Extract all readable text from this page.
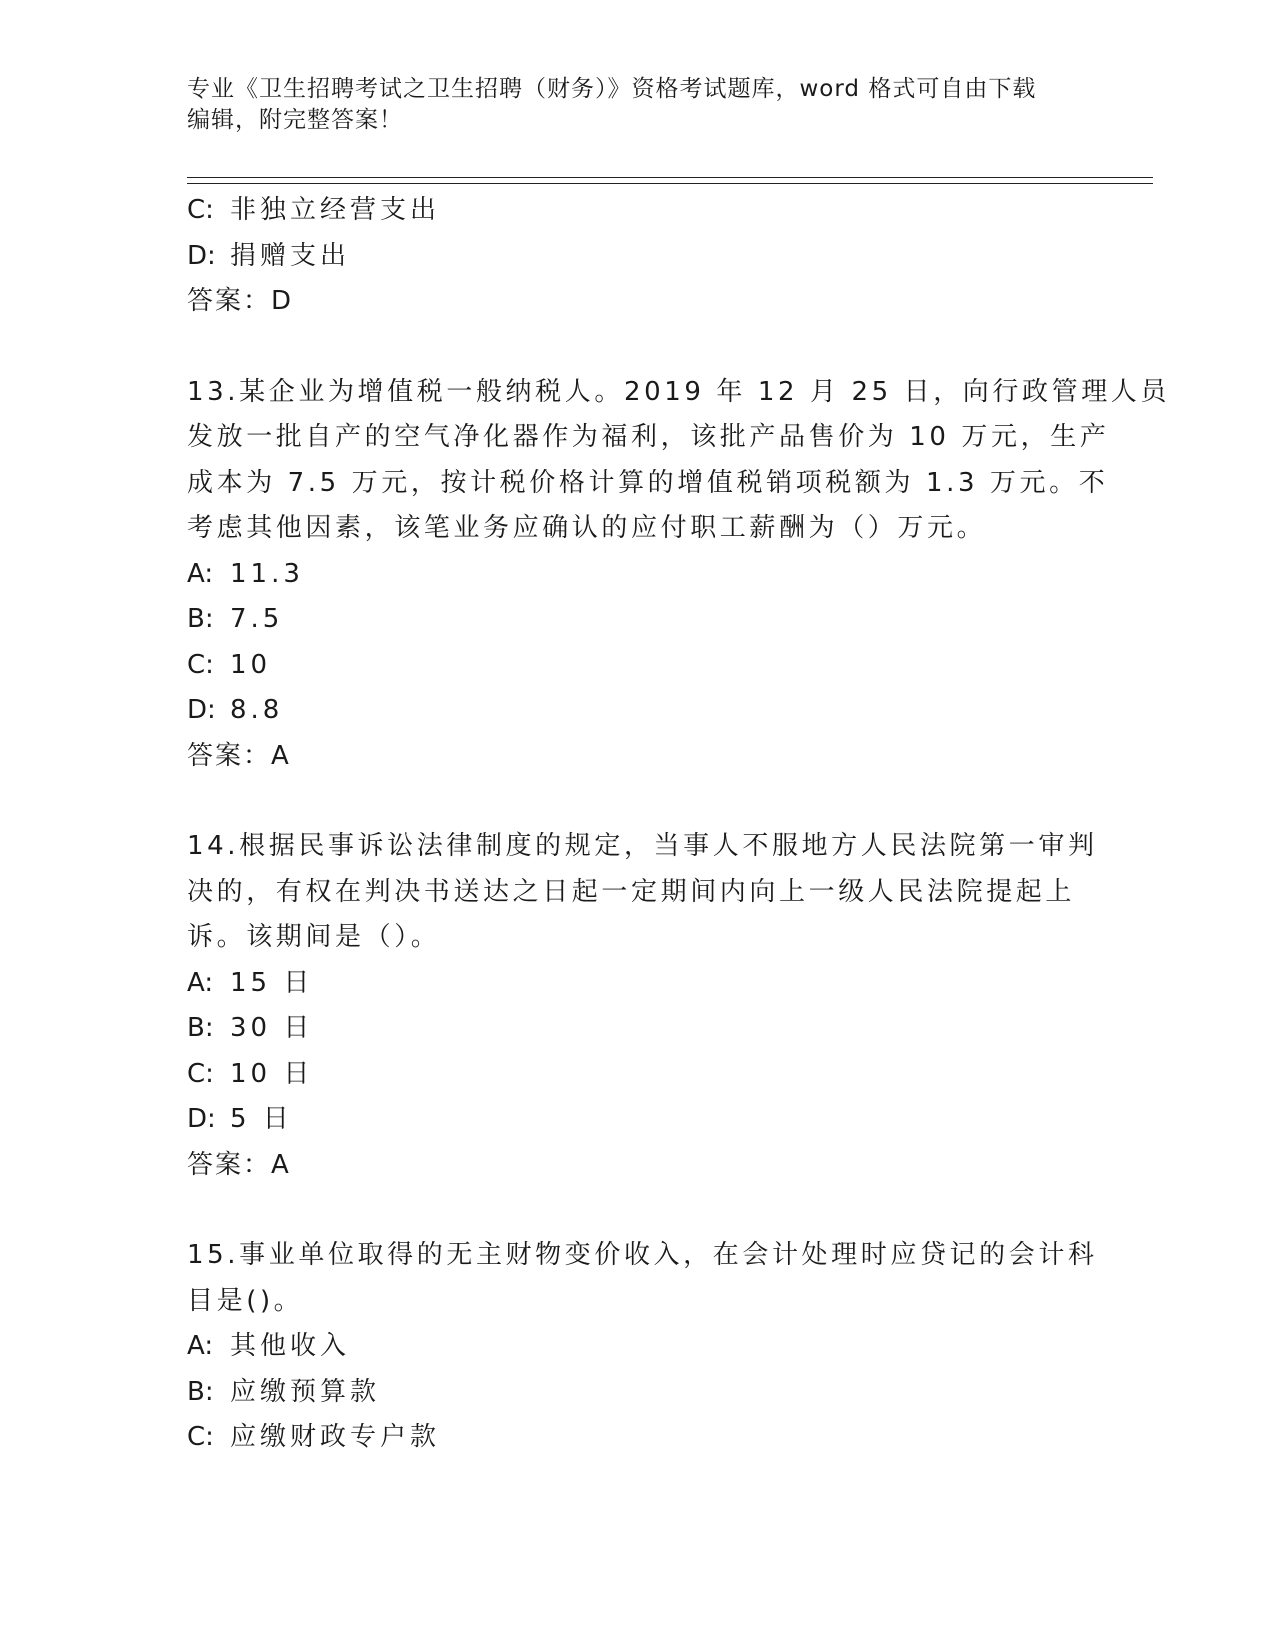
专业《卫生招聘考试之卫生招聘（财务）》资格考试题库，word 格式可自由下载
编辑，附完整答案！
C: 非独立经营支出
D: 捐赠支出
答案：D
13.某企业为增值税一般纳税人。2019 年 12 月 25 日，向行政管理人员
发放一批自产的空气净化器作为福利，该批产品售价为 10 万元，生产
成本为 7.5 万元，按计税价格计算的增值税销项税额为 1.3 万元。不
考虑其他因素，该笔业务应确认的应付职工薪酬为（）万元。
A: 11.3
B: 7.5
C: 10
D: 8.8
答案：A
14.根据民事诉讼法律制度的规定，当事人不服地方人民法院第一审判
决的，有权在判决书送达之日起一定期间内向上一级人民法院提起上
诉。该期间是（）。
A: 15 日
B: 30 日
C: 10 日
D: 5 日
答案：A
15.事业单位取得的无主财物变价收入，在会计处理时应贷记的会计科
目是()。
A: 其他收入
B: 应缴预算款
C: 应缴财政专户款
